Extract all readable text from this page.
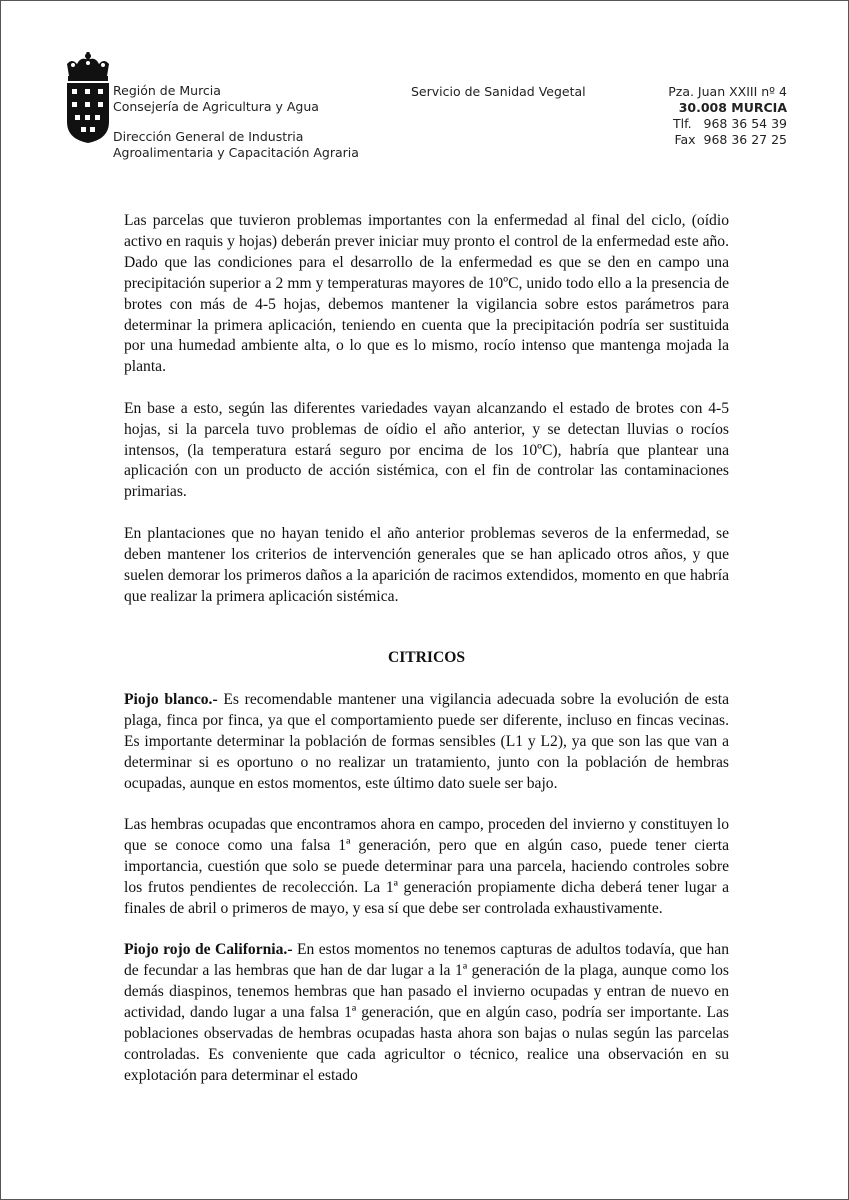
Región de Murcia
Consejería de Agricultura y Agua
Dirección General de Industria
Agroalimentaria y Capacitación Agraria
Servicio de Sanidad Vegetal	Pza. Juan XXIII nº 4
30.008 MURCIA
Tlf.   968 36 54 39
Fax  968 36 27 25

Las parcelas que tuvieron problemas importantes con la enfermedad al final del ciclo, (oídio activo en raquis y hojas) deberán prever iniciar muy pronto el control de la enfermedad este año. Dado que las condiciones para el desarrollo de la enfermedad es que se den en campo una precipitación superior a 2 mm y temperaturas mayores de 10ºC, unido todo ello a la presencia de brotes con más de 4-5 hojas, debemos mantener la vigilancia sobre estos parámetros para determinar la primera aplicación, teniendo en cuenta que la precipitación podría ser sustituida por una humedad ambiente alta, o lo que es lo mismo, rocío intenso que mantenga mojada la planta.

En base a esto, según las diferentes variedades vayan alcanzando el estado de brotes con 4-5 hojas, si la parcela tuvo problemas de oídio el año anterior, y se detectan lluvias o rocíos intensos, (la temperatura estará seguro por encima de los 10ºC), habría que plantear una aplicación con un producto de acción sistémica, con el fin de controlar las contaminaciones primarias.

En plantaciones que no hayan tenido el año anterior problemas severos de la enfermedad, se deben mantener los criterios de intervención generales que se han aplicado otros años, y que suelen demorar los primeros daños a la aparición de racimos extendidos, momento en que habría que realizar la primera aplicación sistémica.

CITRICOS

Piojo blanco.- Es recomendable mantener una vigilancia adecuada sobre la evolución de esta plaga, finca por finca, ya que el comportamiento puede ser diferente, incluso en fincas vecinas. Es importante determinar la población de formas sensibles (L1 y L2), ya que son las que van a determinar si es oportuno o no realizar un tratamiento, junto con la población de hembras ocupadas, aunque en estos momentos, este último dato suele ser bajo.

Las hembras ocupadas que encontramos ahora en campo, proceden del invierno y constituyen lo que se conoce como una falsa 1ª generación, pero que en algún caso, puede tener cierta importancia, cuestión que solo se puede determinar para una parcela, haciendo controles sobre los frutos pendientes de recolección. La 1ª generación propiamente dicha deberá tener lugar a finales de abril o primeros de mayo, y esa sí que debe ser controlada exhaustivamente.

Piojo rojo de California.- En estos momentos no tenemos capturas de adultos todavía, que han de fecundar a las hembras que han de dar lugar a la 1ª generación de la plaga, aunque como los demás diaspinos, tenemos hembras que han pasado el invierno ocupadas y entran de nuevo en actividad, dando lugar a una falsa 1ª generación, que en algún caso, podría ser importante. Las poblaciones observadas de hembras ocupadas hasta ahora son bajas o nulas según las parcelas controladas. Es conveniente que cada agricultor o técnico, realice una observación en su explotación para determinar el estado
